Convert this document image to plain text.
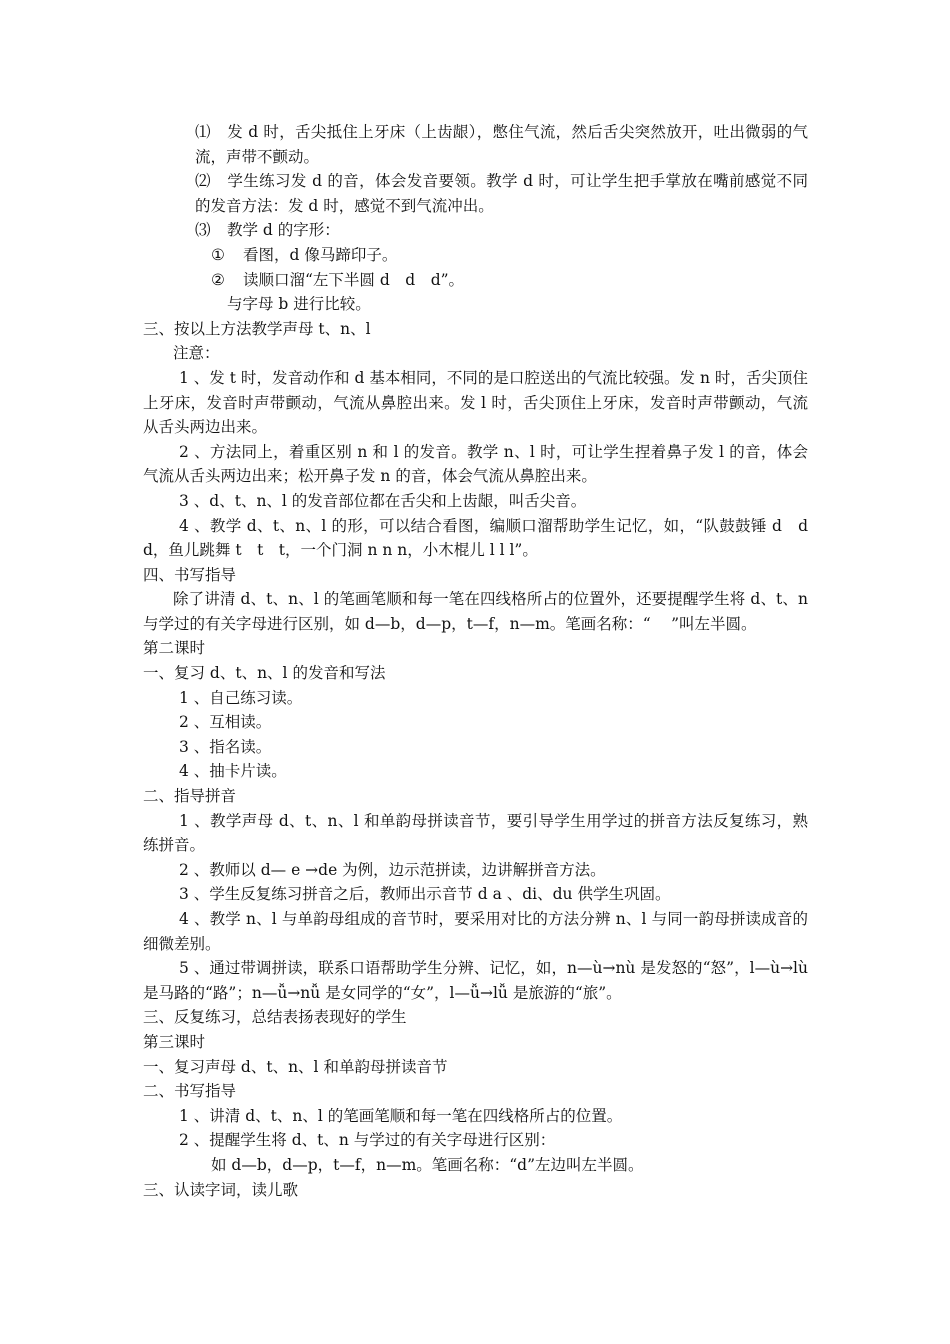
⑴ 发 d 时，舌尖抵住上牙床（上齿龈），憋住气流，然后舌尖突然放开，吐出微弱的气流，声带不颤动。

⑵ 学生练习发 d 的音，体会发音要领。教学 d 时，可让学生把手掌放在嘴前感觉不同的发音方法：发 d 时，感觉不到气流冲出。

⑶ 教学 d 的字形：

① 看图，d 像马蹄印子。

② 读顺口溜“左下半圆 d　d　d”。

与字母 b 进行比较。

三、按以上方法教学声母 t、n、l

注意：

1 、发 t 时，发音动作和 d 基本相同，不同的是口腔送出的气流比较强。发 n 时，舌尖顶住上牙床，发音时声带颤动，气流从鼻腔出来。发 l 时，舌尖顶住上牙床，发音时声带颤动，气流从舌头两边出来。

2 、方法同上，着重区别 n 和 l 的发音。教学 n、l 时，可让学生捏着鼻子发 l 的音，体会气流从舌头两边出来；松开鼻子发 n 的音，体会气流从鼻腔出来。

3 、d、t、n、l 的发音部位都在舌尖和上齿龈，叫舌尖音。

4 、教学 d、t、n、l 的形，可以结合看图，编顺口溜帮助学生记忆，如，“队鼓鼓锤 d　d　d，鱼儿跳舞 t　t　t，一个门洞 n n n，小木棍儿 l l l”。

四、书写指导

除了讲清 d、t、n、l 的笔画笔顺和每一笔在四线格所占的位置外，还要提醒学生将 d、t、n 与学过的有关字母进行区别，如 d—b，d—p，t—f，n—m。笔画名称：“　 ”叫左半圆。

第二课时

一、复习 d、t、n、l 的发音和写法

1 、自己练习读。

2 、互相读。

3 、指名读。

4 、抽卡片读。

二、指导拼音

1 、教学声母 d、t、n、l 和单韵母拼读音节，要引导学生用学过的拼音方法反复练习，熟练拼音。

2 、教师以 d— e →de 为例，边示范拼读，边讲解拼音方法。

3 、学生反复练习拼音之后，教师出示音节 d a 、di、du 供学生巩固。

4 、教学 n、l 与单韵母组成的音节时，要采用对比的方法分辨 n、l 与同一韵母拼读成音的细微差别。

5 、通过带调拼读，联系口语帮助学生分辨、记忆，如，n—ù→nù 是发怒的“怒”，l—ù→lù 是马路的“路”；n—ǚ→nǚ 是女同学的“女”，l—ǚ→lǚ 是旅游的“旅”。

三、反复练习，总结表扬表现好的学生

第三课时

一、复习声母 d、t、n、l 和单韵母拼读音节

二、书写指导

1 、讲清 d、t、n、l 的笔画笔顺和每一笔在四线格所占的位置。

2 、提醒学生将 d、t、n 与学过的有关字母进行区别：

如 d—b，d—p，t—f，n—m。笔画名称：“d”左边叫左半圆。

三、认读字词，读儿歌
